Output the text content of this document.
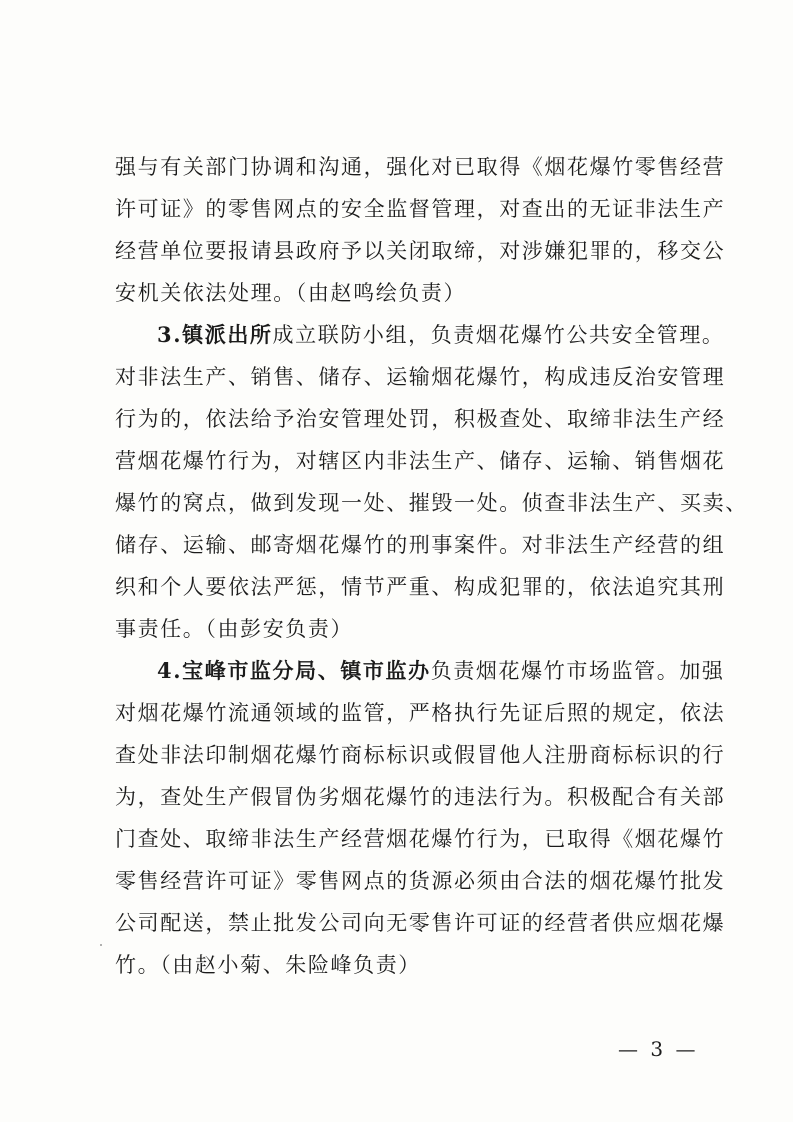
强与有关部门协调和沟通，强化对已取得《烟花爆竹零售经营
许可证》的零售网点的安全监督管理，对查出的无证非法生产
经营单位要报请县政府予以关闭取缔，对涉嫌犯罪的，移交公
安机关依法处理。（由赵鸣绘负责）
3.镇派出所成立联防小组，负责烟花爆竹公共安全管理。
对非法生产、销售、储存、运输烟花爆竹，构成违反治安管理
行为的，依法给予治安管理处罚，积极查处、取缔非法生产经
营烟花爆竹行为，对辖区内非法生产、储存、运输、销售烟花
爆竹的窝点，做到发现一处、摧毁一处。侦查非法生产、买卖、
储存、运输、邮寄烟花爆竹的刑事案件。对非法生产经营的组
织和个人要依法严惩，情节严重、构成犯罪的，依法追究其刑
事责任。（由彭安负责）
4.宝峰市监分局、镇市监办负责烟花爆竹市场监管。加强
对烟花爆竹流通领域的监管，严格执行先证后照的规定，依法
查处非法印制烟花爆竹商标标识或假冒他人注册商标标识的行
为，查处生产假冒伪劣烟花爆竹的违法行为。积极配合有关部
门查处、取缔非法生产经营烟花爆竹行为，已取得《烟花爆竹
零售经营许可证》零售网点的货源必须由合法的烟花爆竹批发
公司配送，禁止批发公司向无零售许可证的经营者供应烟花爆
竹。（由赵小菊、朱险峰负责）
— 3 —
